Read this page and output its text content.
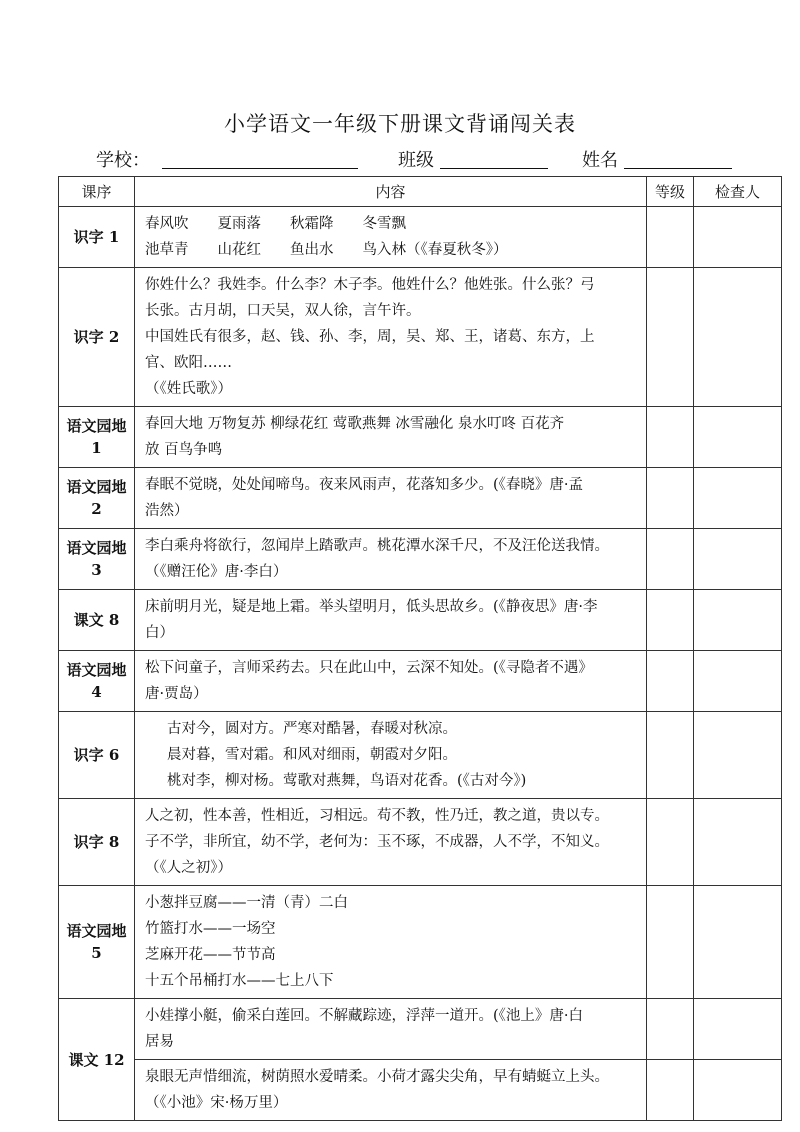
小学语文一年级下册课文背诵闯关表
学校：	班级	姓名
课序	内容	等级	检查人
识字 1	春风吹　　夏雨落　　秋霜降　　冬雪飘
池草青　　山花红　　鱼出水　　鸟入林（《春夏秋冬》）		

识字 2	你姓什么？我姓李。什么李？木子李。他姓什么？他姓张。什么张？弓
长张。古月胡，口天吴，双人徐，言午许。
中国姓氏有很多，赵、钱、孙、李，周，吴、郑、王，诸葛、东方，上
官、欧阳……
（《姓氏歌》）		

语文园地 1	春回大地 万物复苏 柳绿花红 莺歌燕舞 冰雪融化 泉水叮咚 百花齐
放 百鸟争鸣		

语文园地 2	春眠不觉晓，处处闻啼鸟。夜来风雨声，花落知多少。(《春晓》唐·孟
浩然）		

语文园地 3	李白乘舟将欲行，忽闻岸上踏歌声。桃花潭水深千尺，不及汪伦送我情。
（《赠汪伦》唐·李白）		

课文 8	床前明月光，疑是地上霜。举头望明月，低头思故乡。(《静夜思》唐·李
白）		

语文园地 4	松下问童子，言师采药去。只在此山中，云深不知处。(《寻隐者不遇》
唐·贾岛）		

识字 6	古对今，圆对方。严寒对酷暑，春暖对秋凉。
晨对暮，雪对霜。和风对细雨，朝霞对夕阳。
桃对李，柳对杨。莺歌对燕舞，鸟语对花香。(《古对今》)		

识字 8	人之初，性本善，性相近，习相远。苟不教，性乃迁，教之道，贵以专。
子不学，非所宜，幼不学，老何为：玉不琢，不成器，人不学，不知义。
（《人之初》）		

语文园地 5	小葱拌豆腐——一清（青）二白
竹篮打水——一场空
芝麻开花——节节高
十五个吊桶打水——七上八下		

课文 12	小娃撑小艇，偷采白莲回。不解藏踪迹，浮萍一道开。(《池上》唐·白
居易		

	泉眼无声惜细流，树荫照水爱晴柔。小荷才露尖尖角，早有蜻蜓立上头。
（《小池》宋·杨万里）		
